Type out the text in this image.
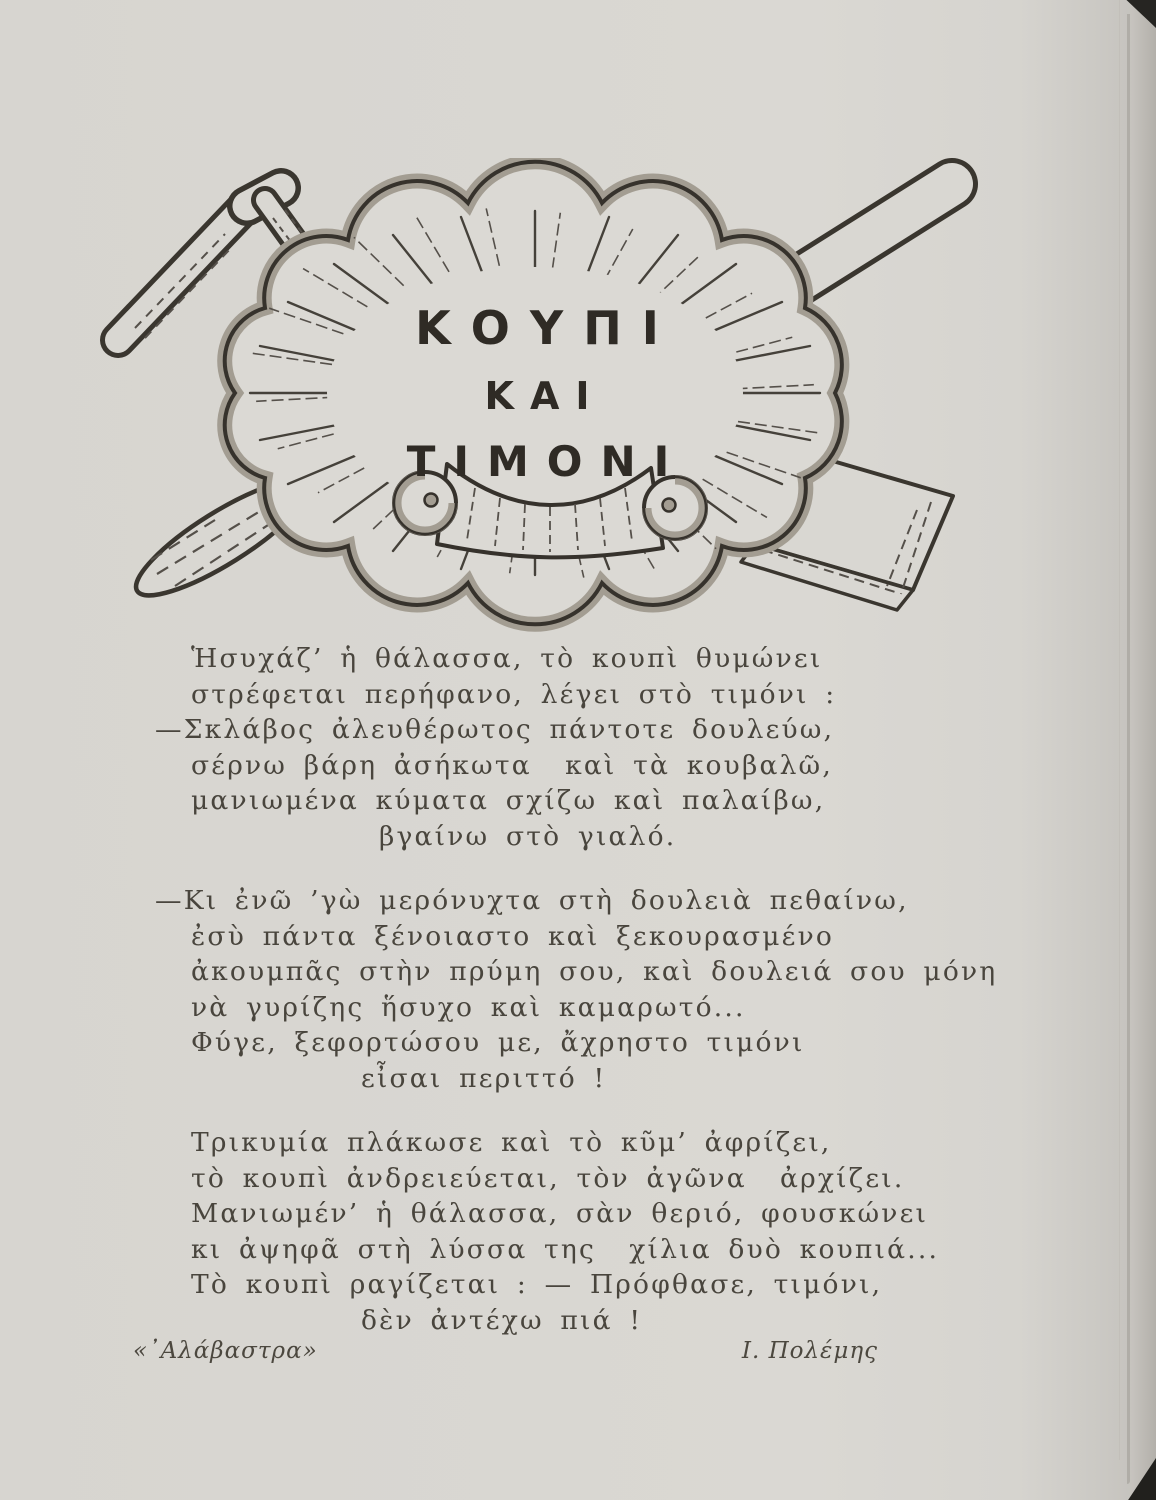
ΚΟΥΠΙ
ΚΑΙ
ΤΙΜΟΝΙ
Ἡσυχάζ’ ἡ θάλασσα, τὸ κουπὶ θυμώνει
στρέφεται περήφανο, λέγει στὸ τιμόνι :
—Σκλάβος ἀλευθέρωτος πάντοτε δουλεύω,
σέρνω βάρη ἀσήκωτα  καὶ τὰ κουβαλῶ,
μανιωμένα κύματα σχίζω καὶ παλαίβω,
βγαίνω στὸ γιαλό.
—Κι ἐνῶ ’γὼ μερόνυχτα στὴ δουλειὰ πεθαίνω,
ἐσὺ πάντα ξένοιαστο καὶ ξεκουρασμένο
ἀκουμπᾶς στὴν πρύμη σου, καὶ δουλειά σου μόνη
νὰ γυρίζης ἥσυχο καὶ καμαρωτό...
Φύγε, ξεφορτώσου με, ἄχρηστο τιμόνι
εἶσαι περιττό !
Τρικυμία πλάκωσε καὶ τὸ κῦμ’ ἀφρίζει,
τὸ κουπὶ ἀνδρειεύεται, τὸν ἀγῶνα  ἀρχίζει.
Μανιωμέν’ ἡ θάλασσα, σὰν θεριό, φουσκώνει
κι ἀψηφᾶ στὴ λύσσα της  χίλια δυὸ κουπιά...
Τὸ κουπὶ ραγίζεται : — Πρόφθασε, τιμόνι,
δὲν ἀντέχω πιά !
«᾿Αλάβαστρα»	Ι. Πολέμης
